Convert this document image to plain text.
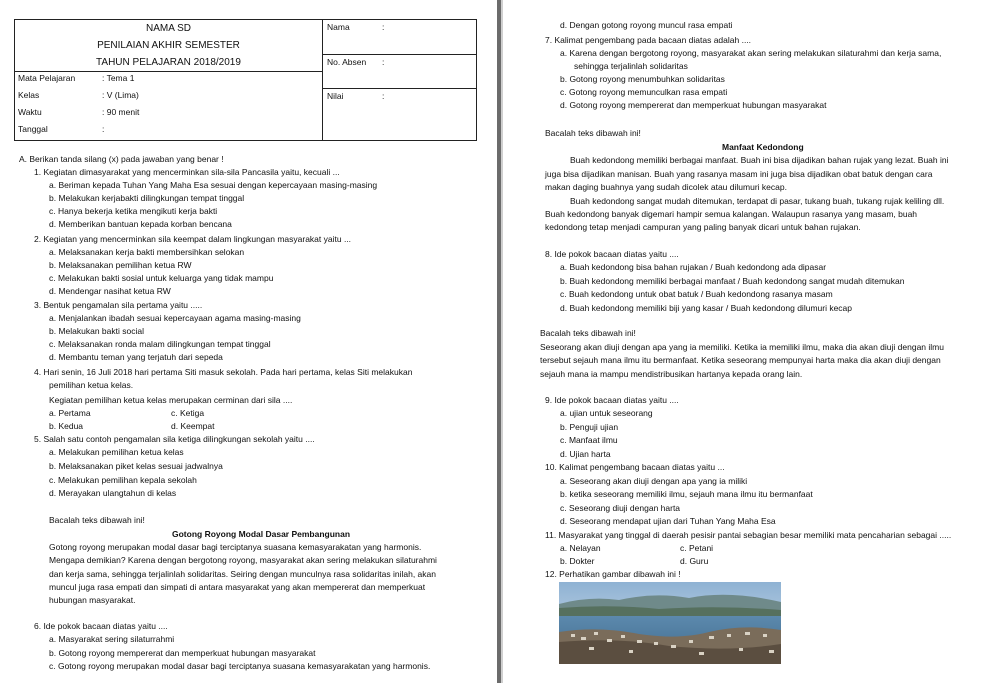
NAMA SD
PENILAIAN AKHIR SEMESTER
TAHUN PELAJARAN 2018/2019
Mata Pelajaran	: Tema 1
Kelas	: V (Lima)
Waktu	: 90 menit
Tanggal	:
Nama	:
No. Absen :
Nilai	:
A. Berikan tanda silang (x) pada jawaban yang benar !
1. Kegiatan dimasyarakat yang mencerminkan sila-sila Pancasila yaitu, kecuali ...
a. Beriman kepada Tuhan Yang Maha Esa sesuai dengan kepercayaan masing-masing
b. Melakukan kerjabakti dilingkungan tempat tinggal
c. Hanya bekerja ketika mengikuti kerja bakti
d. Memberikan bantuan kepada korban bencana
2. Kegiatan yang mencerminkan sila keempat dalam lingkungan masyarakat yaitu ...
a. Melaksanakan kerja bakti membersihkan selokan
b. Melaksanakan pemilihan ketua RW
c. Melakukan bakti sosial untuk keluarga yang tidak mampu
d. Mendengar nasihat ketua RW
3. Bentuk pengamalan sila pertama yaitu .....
a. Menjalankan ibadah sesuai kepercayaan agama masing-masing
b. Melakukan bakti social
c. Melaksanakan ronda malam dilingkungan tempat tinggal
d. Membantu teman yang terjatuh dari sepeda
4. Hari senin, 16 Juli 2018 hari pertama Siti masuk sekolah. Pada hari pertama, kelas Siti melakukan
pemilihan ketua kelas.
Kegiatan pemilihan ketua kelas merupakan cerminan dari sila ....
a. Pertama	c. Ketiga
b. Kedua	d. Keempat
5. Salah satu contoh pengamalan sila ketiga dilingkungan sekolah yaitu ....
a. Melakukan pemilihan ketua kelas
b. Melaksanakan piket kelas sesuai jadwalnya
c. Melakukan pemilihan kepala sekolah
d. Merayakan ulangtahun di kelas
Bacalah teks dibawah ini!
Gotong Royong Modal Dasar Pembangunan
Gotong royong merupakan modal dasar bagi terciptanya suasana kemasyarakatan yang harmonis.
Mengapa demikian? Karena dengan bergotong royong, masyarakat akan sering melakukan silaturahmi
dan kerja sama, sehingga terjalinlah solidaritas. Seiring dengan munculnya rasa solidaritas inilah, akan
muncul juga rasa empati dan simpati di antara masyarakat yang akan mempererat dan memperkuat
hubungan masyarakat.
6. Ide pokok bacaan diatas yaitu ....
a. Masyarakat sering silaturrahmi
b. Gotong royong mempererat dan memperkuat hubungan masyarakat
c. Gotong royong merupakan modal dasar bagi terciptanya suasana kemasyarakatan yang harmonis.
d. Dengan gotong royong muncul rasa empati
7. Kalimat pengembang pada bacaan diatas adalah ....
a. Karena dengan bergotong royong, masyarakat akan sering melakukan silaturahmi dan kerja sama,
sehingga terjalinlah solidaritas
b. Gotong royong menumbuhkan solidaritas
c. Gotong royong memunculkan rasa empati
d. Gotong royong mempererat dan memperkuat hubungan masyarakat
Bacalah teks dibawah ini!
Manfaat Kedondong
Buah kedondong memiliki berbagai manfaat. Buah ini bisa dijadikan bahan rujak yang lezat. Buah ini
juga bisa dijadikan manisan. Buah yang rasanya masam ini juga bisa dijadikan obat batuk dengan cara
makan daging buahnya yang sudah dicolek atau dilumuri kecap.
Buah kedondong sangat mudah ditemukan, terdapat di pasar, tukang buah, tukang rujak keliling dll.
Buah kedondong banyak digemari hampir semua kalangan. Walaupun rasanya yang masam, buah
kedondong tetap menjadi campuran yang paling banyak dicari untuk bahan rujakan.
8. Ide pokok bacaan diatas yaitu ....
a. Buah kedondong bisa bahan rujakan / Buah kedondong ada dipasar
b. Buah kedondong memiliki berbagai manfaat / Buah kedondong sangat mudah ditemukan
c. Buah kedondong untuk obat batuk / Buah kedondong rasanya masam
d. Buah kedondong memiliki biji yang kasar / Buah kedondong dilumuri kecap
Bacalah teks dibawah ini!
Seseorang akan diuji dengan apa yang ia memiliki. Ketika ia memiliki ilmu, maka dia akan diuji dengan ilmu
tersebut sejauh mana ilmu itu bermanfaat. Ketika seseorang mempunyai harta maka dia akan diuji dengan
sejauh mana ia mampu mendistribusikan hartanya kepada orang lain.
9. Ide pokok bacaan diatas yaitu ....
a. ujian untuk seseorang
b. Penguji ujian
c. Manfaat ilmu
d. Ujian harta
10. Kalimat pengembang bacaan diatas yaitu ...
a. Seseorang akan diuji dengan apa yang ia miliki
b. ketika seseorang memiliki ilmu, sejauh mana ilmu itu bermanfaat
c. Seseorang diuji dengan harta
d. Seseorang mendapat ujian dari Tuhan Yang Maha Esa
11. Masyarakat yang tinggal di daerah pesisir pantai sebagian besar memiliki mata pencaharian sebagai .....
a. Nelayan	c. Petani
b. Dokter	d. Guru
12. Perhatikan gambar dibawah ini !
